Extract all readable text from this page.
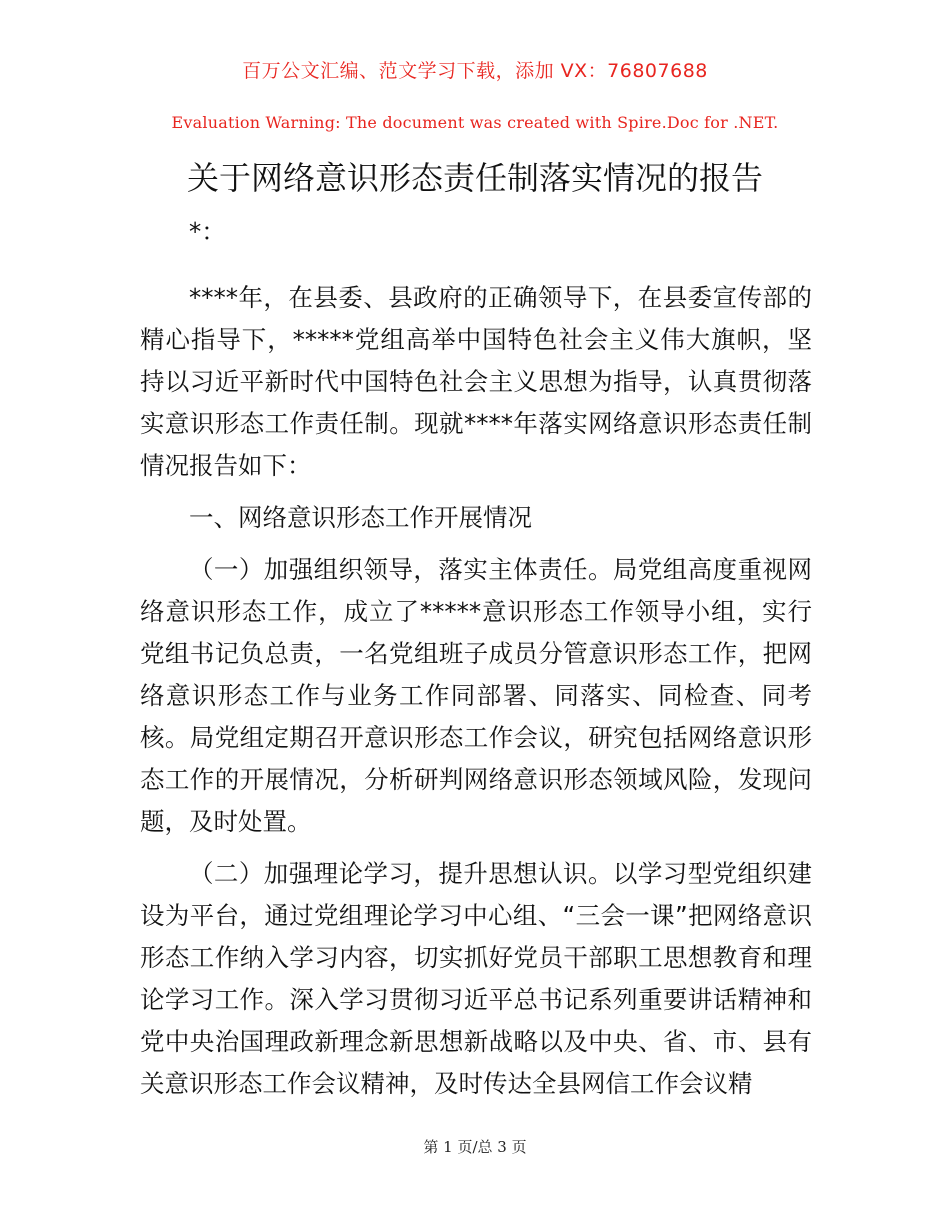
百万公文汇编、范文学习下载，添加 VX：76807688
Evaluation Warning: The document was created with Spire.Doc for .NET.
关于网络意识形态责任制落实情况的报告

*：

****年，在县委、县政府的正确领导下，在县委宣传部的精心指导下，*****党组高举中国特色社会主义伟大旗帜，坚持以习近平新时代中国特色社会主义思想为指导，认真贯彻落实意识形态工作责任制。现就****年落实网络意识形态责任制情况报告如下：

一、网络意识形态工作开展情况

（一）加强组织领导，落实主体责任。局党组高度重视网络意识形态工作，成立了*****意识形态工作领导小组，实行党组书记负总责，一名党组班子成员分管意识形态工作，把网络意识形态工作与业务工作同部署、同落实、同检查、同考核。局党组定期召开意识形态工作会议，研究包括网络意识形态工作的开展情况，分析研判网络意识形态领域风险，发现问题，及时处置。

（二）加强理论学习，提升思想认识。以学习型党组织建设为平台，通过党组理论学习中心组、“三会一课”把网络意识形态工作纳入学习内容，切实抓好党员干部职工思想教育和理论学习工作。深入学习贯彻习近平总书记系列重要讲话精神和党中央治国理政新理念新思想新战略以及中央、省、市、县有关意识形态工作会议精神，及时传达全县网信工作会议精

第 1 页/总 3 页
